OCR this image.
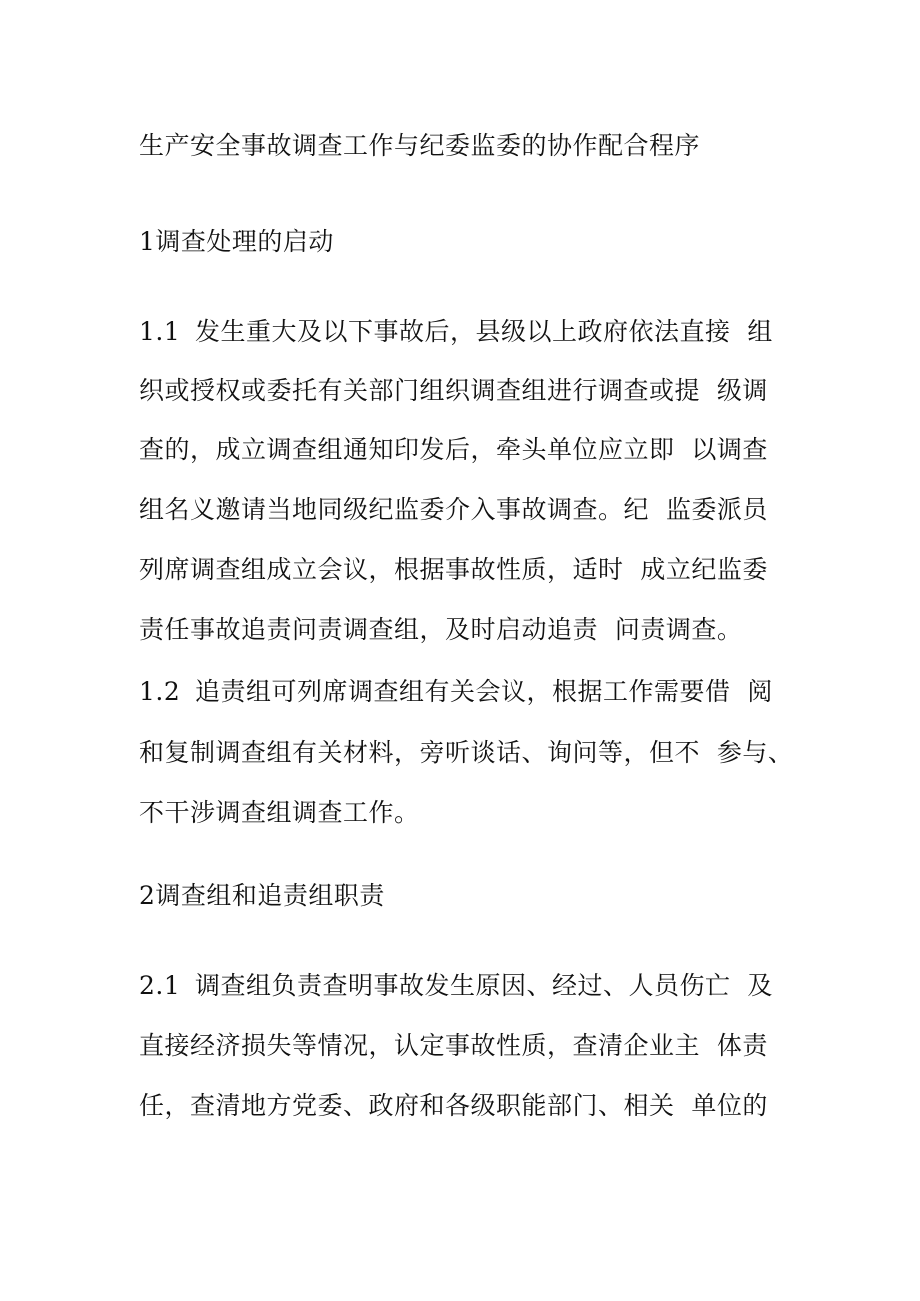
生产安全事故调查工作与纪委监委的协作配合程序
1调查处理的启动
1.1 发生重大及以下事故后，县级以上政府依法直接  组
织或授权或委托有关部门组织调查组进行调查或提  级调
查的，成立调查组通知印发后，牵头单位应立即  以调查
组名义邀请当地同级纪监委介入事故调查。纪  监委派员
列席调查组成立会议，根据事故性质，适时  成立纪监委
责任事故追责问责调查组，及时启动追责  问责调查。
1.2 追责组可列席调查组有关会议，根据工作需要借  阅
和复制调查组有关材料，旁听谈话、询问等，但不  参与、
不干涉调查组调查工作。
2调查组和追责组职责
2.1 调查组负责查明事故发生原因、经过、人员伤亡  及
直接经济损失等情况，认定事故性质，查清企业主  体责
任，查清地方党委、政府和各级职能部门、相关  单位的
